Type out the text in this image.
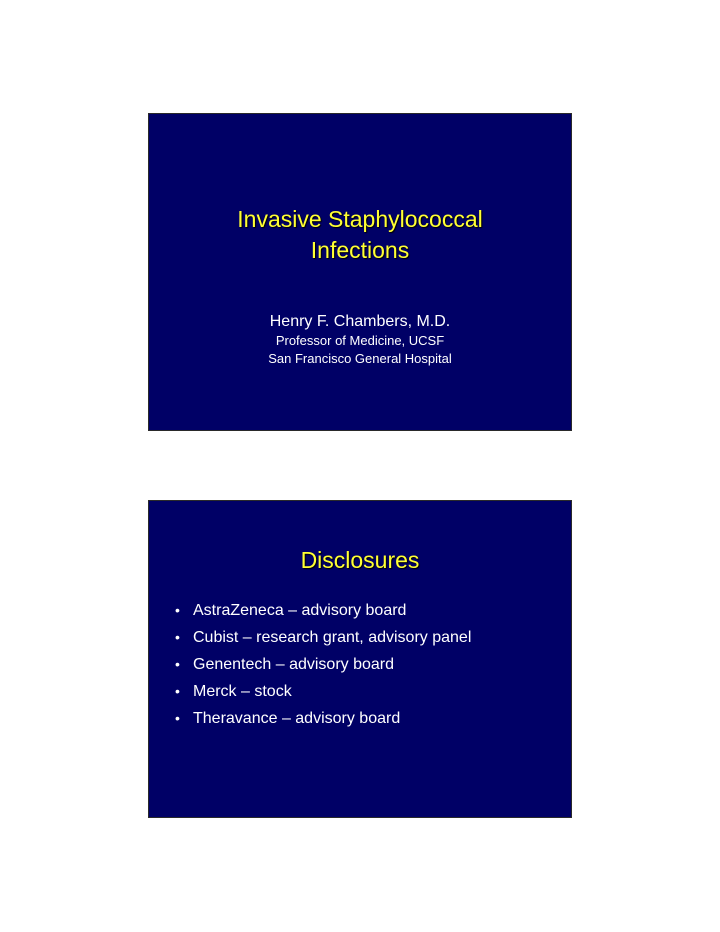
Invasive Staphylococcal
Infections
Henry F. Chambers, M.D.
Professor of Medicine, UCSF
San Francisco General Hospital
Disclosures
• AstraZeneca – advisory board
• Cubist – research grant, advisory panel
• Genentech – advisory board
• Merck – stock
• Theravance – advisory board
